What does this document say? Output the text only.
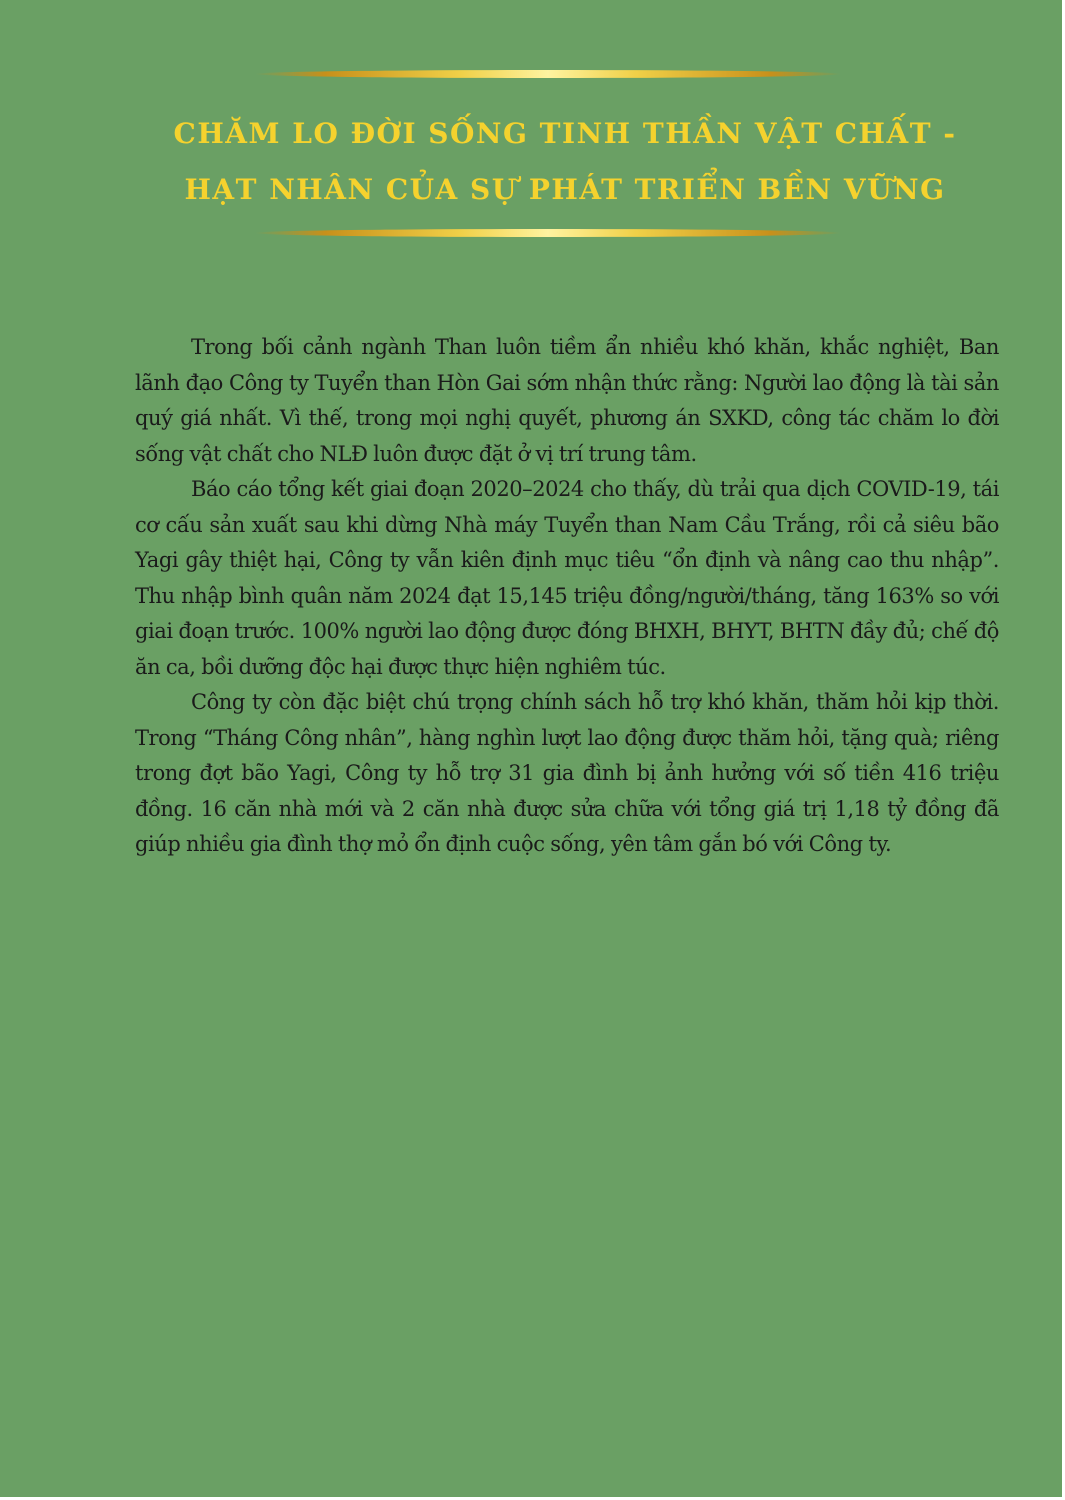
CHĂM LO ĐỜI SỐNG TINH THẦN VẬT CHẤT -
HẠT NHÂN CỦA SỰ PHÁT TRIỂN BỀN VỮNG

Trong bối cảnh ngành Than luôn tiềm ẩn nhiều khó khăn, khắc nghiệt, Ban lãnh đạo Công ty Tuyển than Hòn Gai sớm nhận thức rằng: Người lao động là tài sản quý giá nhất. Vì thế, trong mọi nghị quyết, phương án SXKD, công tác chăm lo đời sống vật chất cho NLĐ luôn được đặt ở vị trí trung tâm.

Báo cáo tổng kết giai đoạn 2020–2024 cho thấy, dù trải qua dịch COVID-19, tái cơ cấu sản xuất sau khi dừng Nhà máy Tuyển than Nam Cầu Trắng, rồi cả siêu bão Yagi gây thiệt hại, Công ty vẫn kiên định mục tiêu “ổn định và nâng cao thu nhập”. Thu nhập bình quân năm 2024 đạt 15,145 triệu đồng/người/tháng, tăng 163% so với giai đoạn trước. 100% người lao động được đóng BHXH, BHYT, BHTN đầy đủ; chế độ ăn ca, bồi dưỡng độc hại được thực hiện nghiêm túc.

Công ty còn đặc biệt chú trọng chính sách hỗ trợ khó khăn, thăm hỏi kịp thời. Trong “Tháng Công nhân”, hàng nghìn lượt lao động được thăm hỏi, tặng quà; riêng trong đợt bão Yagi, Công ty hỗ trợ 31 gia đình bị ảnh hưởng với số tiền 416 triệu đồng. 16 căn nhà mới và 2 căn nhà được sửa chữa với tổng giá trị 1,18 tỷ đồng đã giúp nhiều gia đình thợ mỏ ổn định cuộc sống, yên tâm gắn bó với Công ty.
